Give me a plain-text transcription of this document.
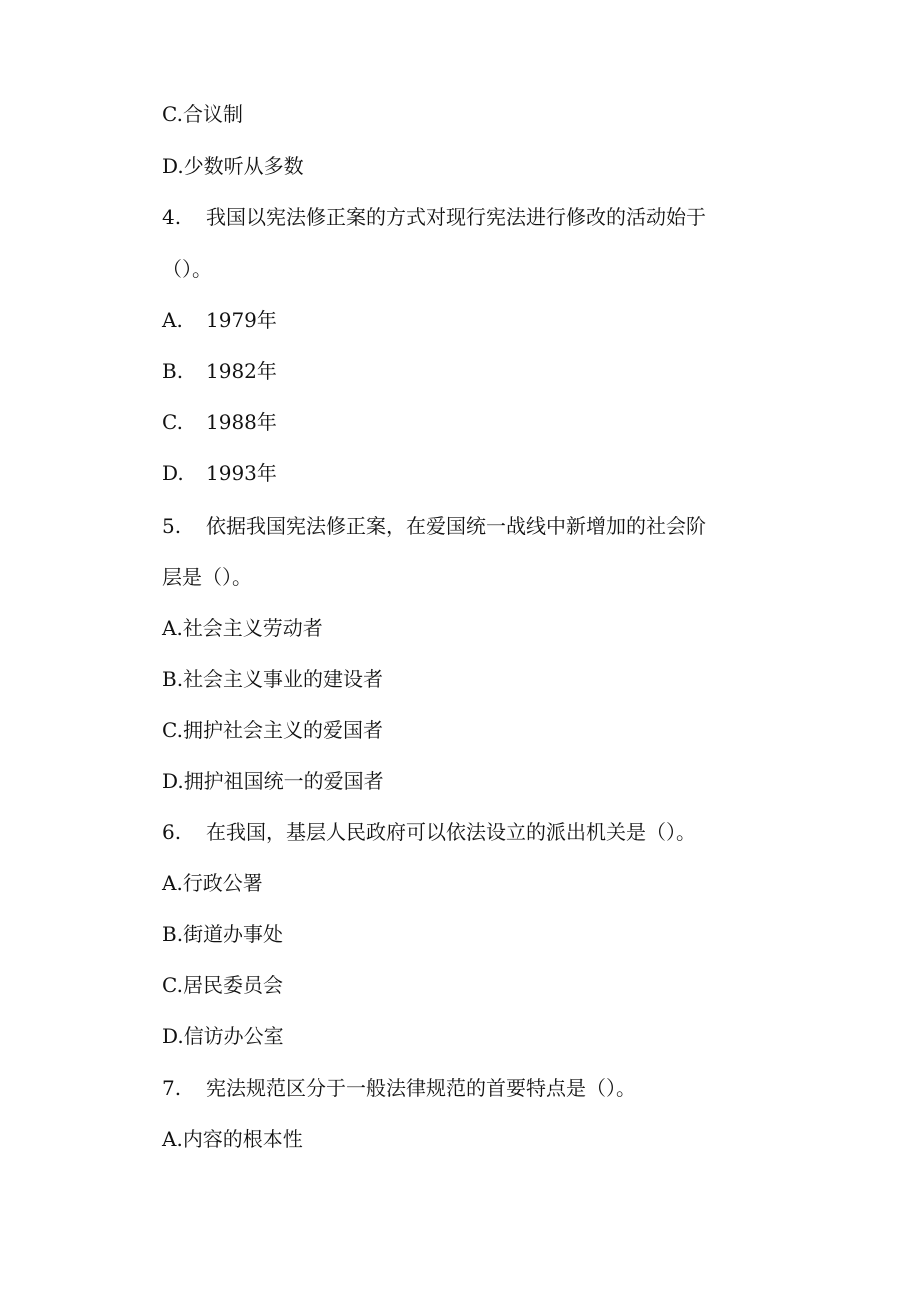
C.合议制
D.少数听从多数
4. 我国以宪法修正案的方式对现行宪法进行修改的活动始于
（）。
A. 1979年
B. 1982年
C. 1988年
D. 1993年
5. 依据我国宪法修正案，在爱国统一战线中新增加的社会阶
层是（）。
A.社会主义劳动者
B.社会主义事业的建设者
C.拥护社会主义的爱国者
D.拥护祖国统一的爱国者
6. 在我国，基层人民政府可以依法设立的派出机关是（）。
A.行政公署
B.街道办事处
C.居民委员会
D.信访办公室
7. 宪法规范区分于一般法律规范的首要特点是（）。
A.内容的根本性
